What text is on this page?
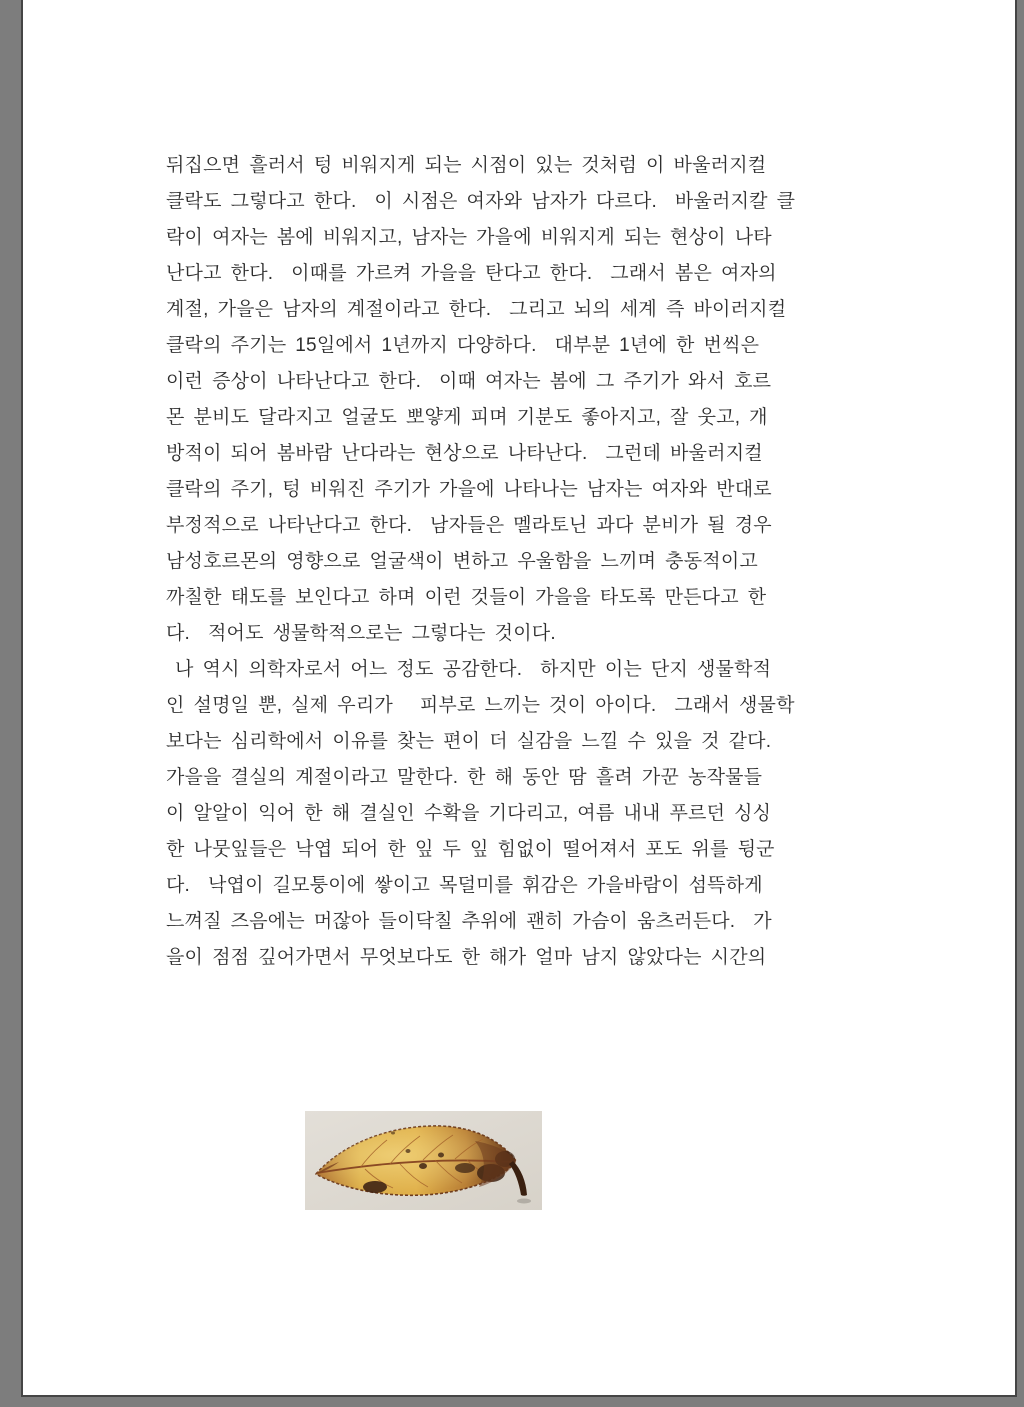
뒤집으면 흘러서 텅 비워지게 되는 시점이 있는 것처럼 이 바울러지컬
클락도 그렇다고 한다.  이 시점은 여자와 남자가 다르다.  바울러지칼 클
락이 여자는 봄에 비워지고, 남자는 가을에 비워지게 되는 현상이 나타
난다고 한다.  이때를 가르켜 가을을 탄다고 한다.  그래서 봄은 여자의
계절, 가을은 남자의 계절이라고 한다.  그리고 뇌의 세계 즉 바이러지컬
클락의 주기는 15일에서 1년까지 다양하다.  대부분 1년에 한 번씩은
이런 증상이 나타난다고 한다.  이때 여자는 봄에 그 주기가 와서 호르
몬 분비도 달라지고 얼굴도 뽀얗게 피며 기분도 좋아지고, 잘 웃고, 개
방적이 되어 봄바람 난다라는 현상으로 나타난다.  그런데 바울러지컬
클락의 주기, 텅 비워진 주기가 가을에 나타나는 남자는 여자와 반대로
부정적으로 나타난다고 한다.  남자들은 멜라토닌 과다 분비가 될 경우
남성호르몬의 영향으로 얼굴색이 변하고 우울함을 느끼며 충동적이고
까칠한 태도를 보인다고 하며 이런 것들이 가을을 타도록 만든다고 한
다.  적어도 생물학적으로는 그렇다는 것이다.
나 역시 의학자로서 어느 정도 공감한다.  하지만 이는 단지 생물학적
인 설명일 뿐, 실제 우리가   피부로 느끼는 것이 아이다.  그래서 생물학
보다는 심리학에서 이유를 찾는 편이 더 실감을 느낄 수 있을 것 같다.
가을을 결실의 계절이라고 말한다. 한 해 동안 땀 흘려 가꾼 농작물들
이 알알이 익어 한 해 결실인 수확을 기다리고, 여름 내내 푸르던 싱싱
한 나뭇잎들은 낙엽 되어 한 잎 두 잎 힘없이 떨어져서 포도 위를 뒹군
다.  낙엽이 길모퉁이에 쌓이고 목덜미를 휘감은 가을바람이 섬뜩하게
느껴질 즈음에는 머잖아 들이닥칠 추위에 괜히 가슴이 움츠러든다.  가
을이 점점 깊어가면서 무엇보다도 한 해가 얼마 남지 않았다는 시간의
